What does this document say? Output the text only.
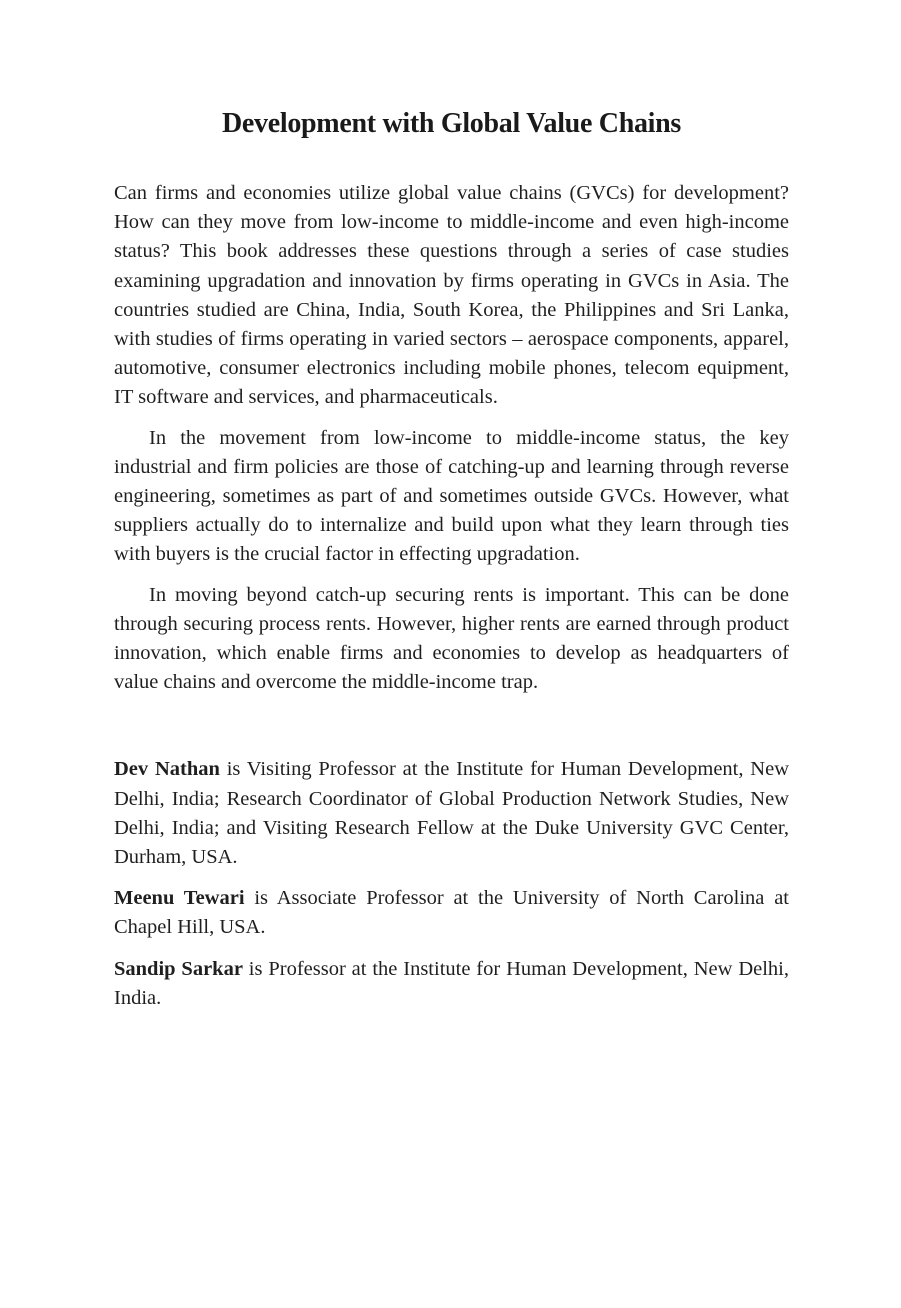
Development with Global Value Chains

Can firms and economies utilize global value chains (GVCs) for development? How can they move from low-income to middle-income and even high-income status? This book addresses these questions through a series of case studies examining upgradation and innovation by firms operating in GVCs in Asia. The countries studied are China, India, South Korea, the Philippines and Sri Lanka, with studies of firms operating in varied sectors – aerospace components, apparel, automotive, consumer electronics including mobile phones, telecom equipment, IT software and services, and pharmaceuticals.

In the movement from low-income to middle-income status, the key industrial and firm policies are those of catching-up and learning through reverse engineering, sometimes as part of and sometimes outside GVCs. However, what suppliers actually do to internalize and build upon what they learn through ties with buyers is the crucial factor in effecting upgradation.

In moving beyond catch-up securing rents is important. This can be done through securing process rents. However, higher rents are earned through product innovation, which enable firms and economies to develop as headquarters of value chains and overcome the middle-income trap.

Dev Nathan is Visiting Professor at the Institute for Human Development, New Delhi, India; Research Coordinator of Global Production Network Studies, New Delhi, India; and Visiting Research Fellow at the Duke University GVC Center, Durham, USA.

Meenu Tewari is Associate Professor at the University of North Carolina at Chapel Hill, USA.

Sandip Sarkar is Professor at the Institute for Human Development, New Delhi, India.
